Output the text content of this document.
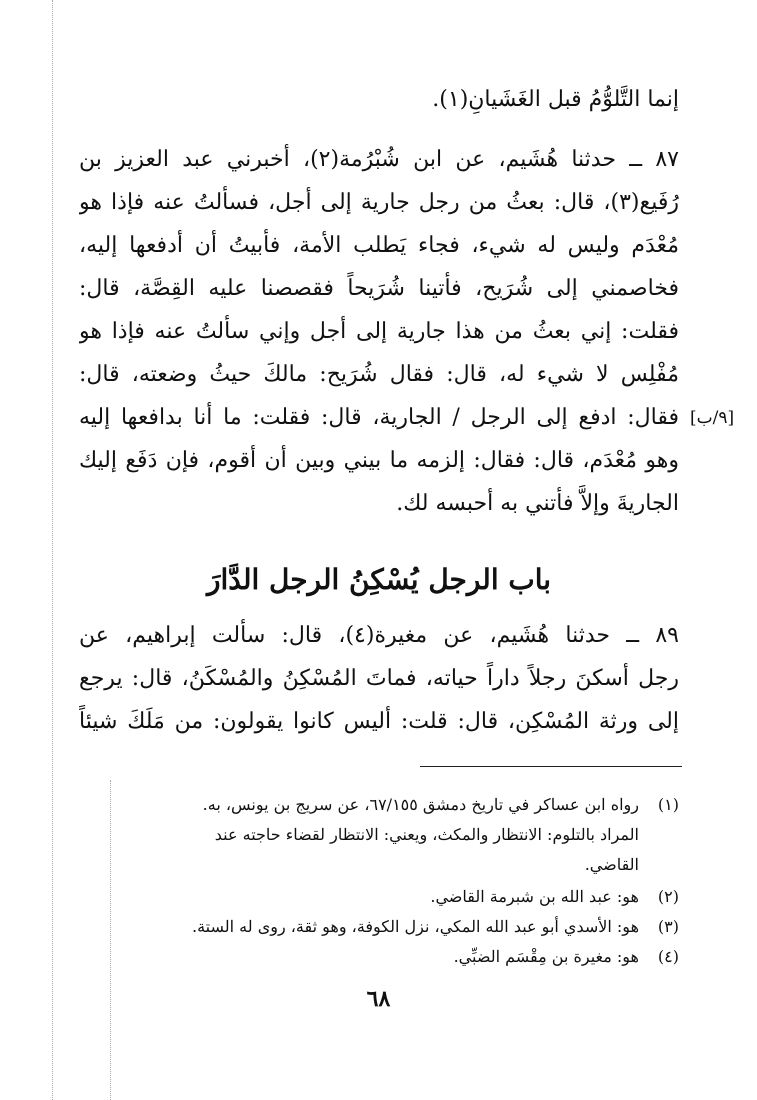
إنما التَّلوُّمُ قبل الغَشَيانِ(١).
٨٧ ــ حدثنا هُشَيم، عن ابن شُبْرُمة(٢)، أخبرني عبد العزيز بن
رُفَيع(٣)، قال: بعثُ من رجل جارية إلى أجل، فسألتُ عنه فإذا هو
مُعْدَم وليس له شيء، فجاء يَطلب الأمة، فأبيتُ أن أدفعها إليه،
فخاصمني إلى شُرَيح، فأتينا شُرَيحاً فقصصنا عليه القِصَّة، قال:
فقلت: إني بعثُ من هذا جارية إلى أجل وإني سألتُ عنه فإذا هو
مُفْلِس لا شيء له، قال: فقال شُرَيح: مالكَ حيثُ وضعته، قال:
فقال: ادفع إلى الرجل / الجارية، قال: فقلت: ما أنا بدافعها إليه [٩/ب]
وهو مُعْدَم، قال: فقال: إلزمه ما بيني وبين أن أقوم، فإن دَفَع إليك
الجاريةَ وإلاَّ فأتني به أحبسه لك.
باب الرجل يُسْكِنُ الرجل الدَّارَ
٨٩ ــ حدثنا هُشَيم، عن مغيرة(٤)، قال: سألت إبراهيم، عن
رجل أسكنَ رجلاً داراً حياته، فماتَ المُسْكِنُ والمُسْكَنُ، قال: يرجع
إلى ورثة المُسْكِن، قال: قلت: أليس كانوا يقولون: من مَلَكَ شيئاً
(١)رواه ابن عساكر في تاريخ دمشق ٦٧/١٥٥، عن سريج بن يونس، به.
المراد بالتلوم: الانتظار والمكث، ويعني: الانتظار لقضاء حاجته عند
القاضي.
(٢)هو: عبد الله بن شبرمة القاضي.
(٣)هو: الأسدي أبو عبد الله المكي، نزل الكوفة، وهو ثقة، روى له الستة.
(٤)هو: مغيرة بن مِقْسَم الضبِّي.
٦٨
